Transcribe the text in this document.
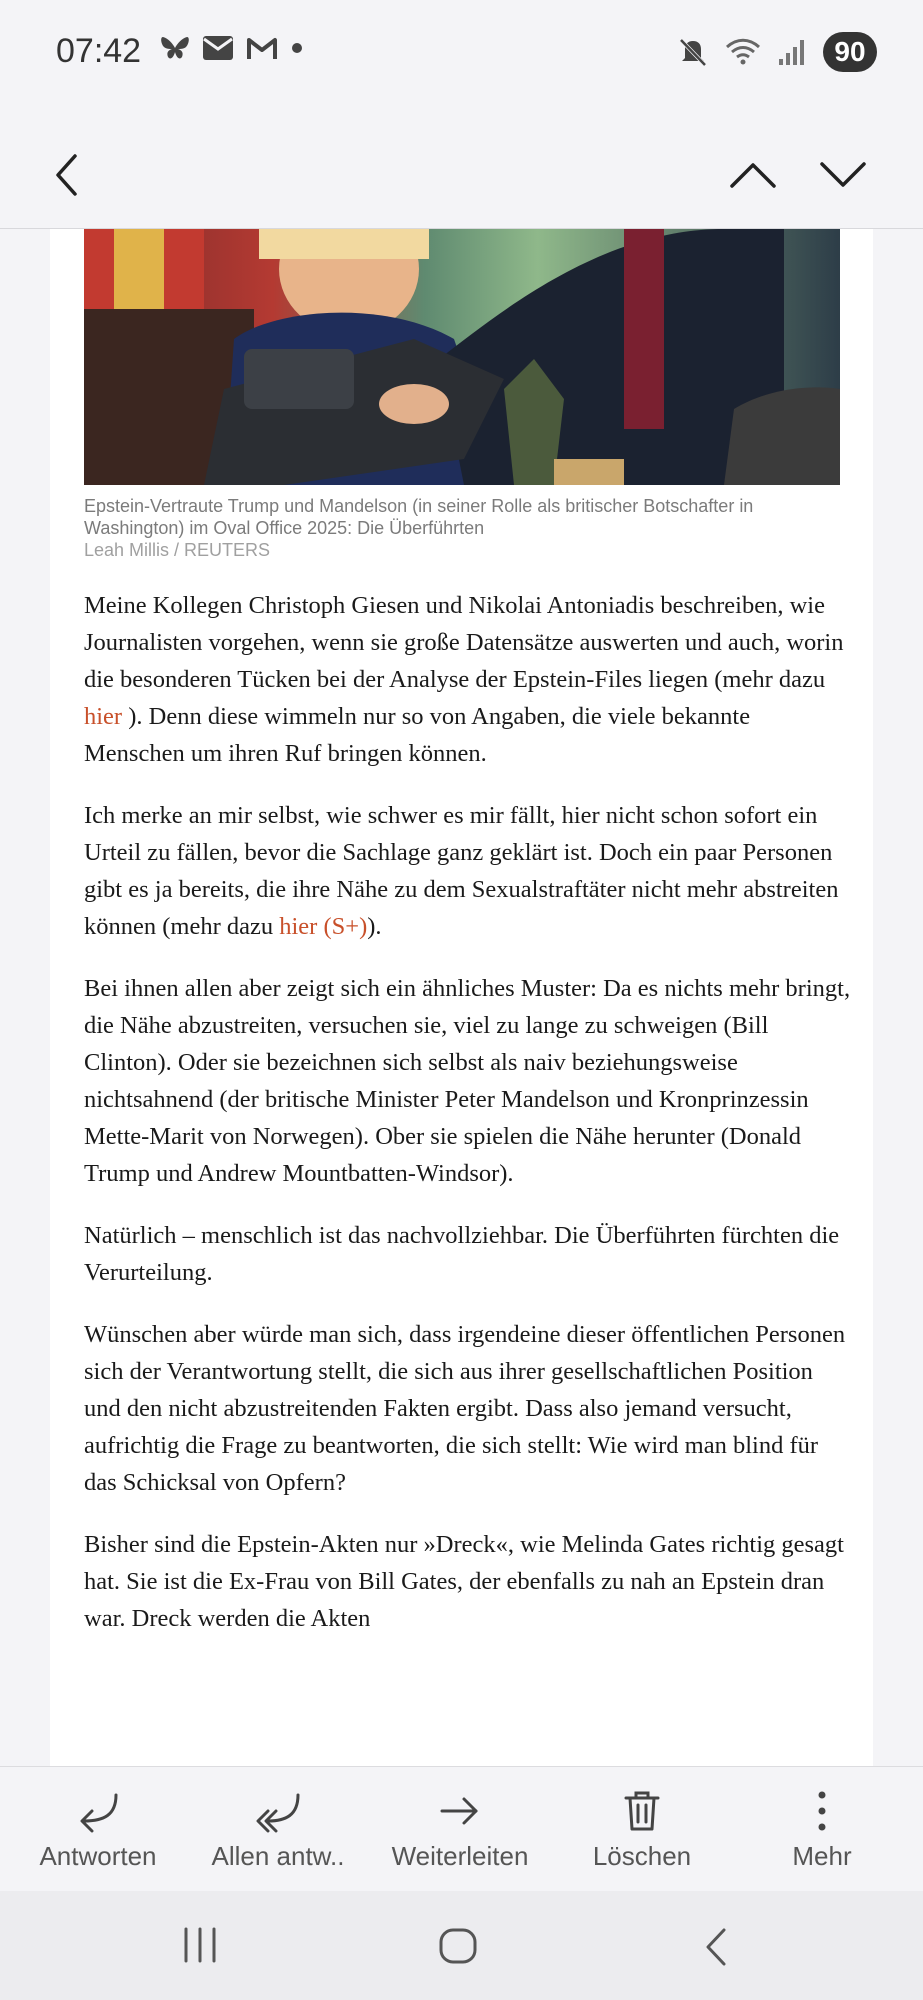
07:42	90
Epstein-Vertraute Trump und Mandelson (in seiner Rolle als britischer Botschafter in Washington) im Oval Office 2025: Die Überführten
Leah Millis / REUTERS

Meine Kollegen Christoph Giesen und Nikolai Antoniadis beschreiben, wie Journalisten vorgehen, wenn sie große Datensätze auswerten und auch, worin die besonderen Tücken bei der Analyse der Epstein-Files liegen (mehr dazu hier ). Denn diese wimmeln nur so von Angaben, die viele bekannte Menschen um ihren Ruf bringen können.

Ich merke an mir selbst, wie schwer es mir fällt, hier nicht schon sofort ein Urteil zu fällen, bevor die Sachlage ganz geklärt ist. Doch ein paar Personen gibt es ja bereits, die ihre Nähe zu dem Sexualstraftäter nicht mehr abstreiten können (mehr dazu hier (S+)).

Bei ihnen allen aber zeigt sich ein ähnliches Muster: Da es nichts mehr bringt, die Nähe abzustreiten, versuchen sie, viel zu lange zu schweigen (Bill Clinton). Oder sie bezeichnen sich selbst als naiv beziehungsweise nichtsahnend (der britische Minister Peter Mandelson und Kronprinzessin Mette-Marit von Norwegen). Ober sie spielen die Nähe herunter (Donald Trump und Andrew Mountbatten-Windsor).

Natürlich – menschlich ist das nachvollziehbar. Die Überführten fürchten die Verurteilung.

Wünschen aber würde man sich, dass irgendeine dieser öffentlichen Personen sich der Verantwortung stellt, die sich aus ihrer gesellschaftlichen Position und den nicht abzustreitenden Fakten ergibt. Dass also jemand versucht, aufrichtig die Frage zu beantworten, die sich stellt: Wie wird man blind für das Schicksal von Opfern?

Bisher sind die Epstein-Akten nur »Dreck«, wie Melinda Gates richtig gesagt hat. Sie ist die Ex-Frau von Bill Gates, der ebenfalls zu nah an Epstein dran war. Dreck werden die Akten

Antworten	Allen antw..	Weiterleiten	Löschen	Mehr
